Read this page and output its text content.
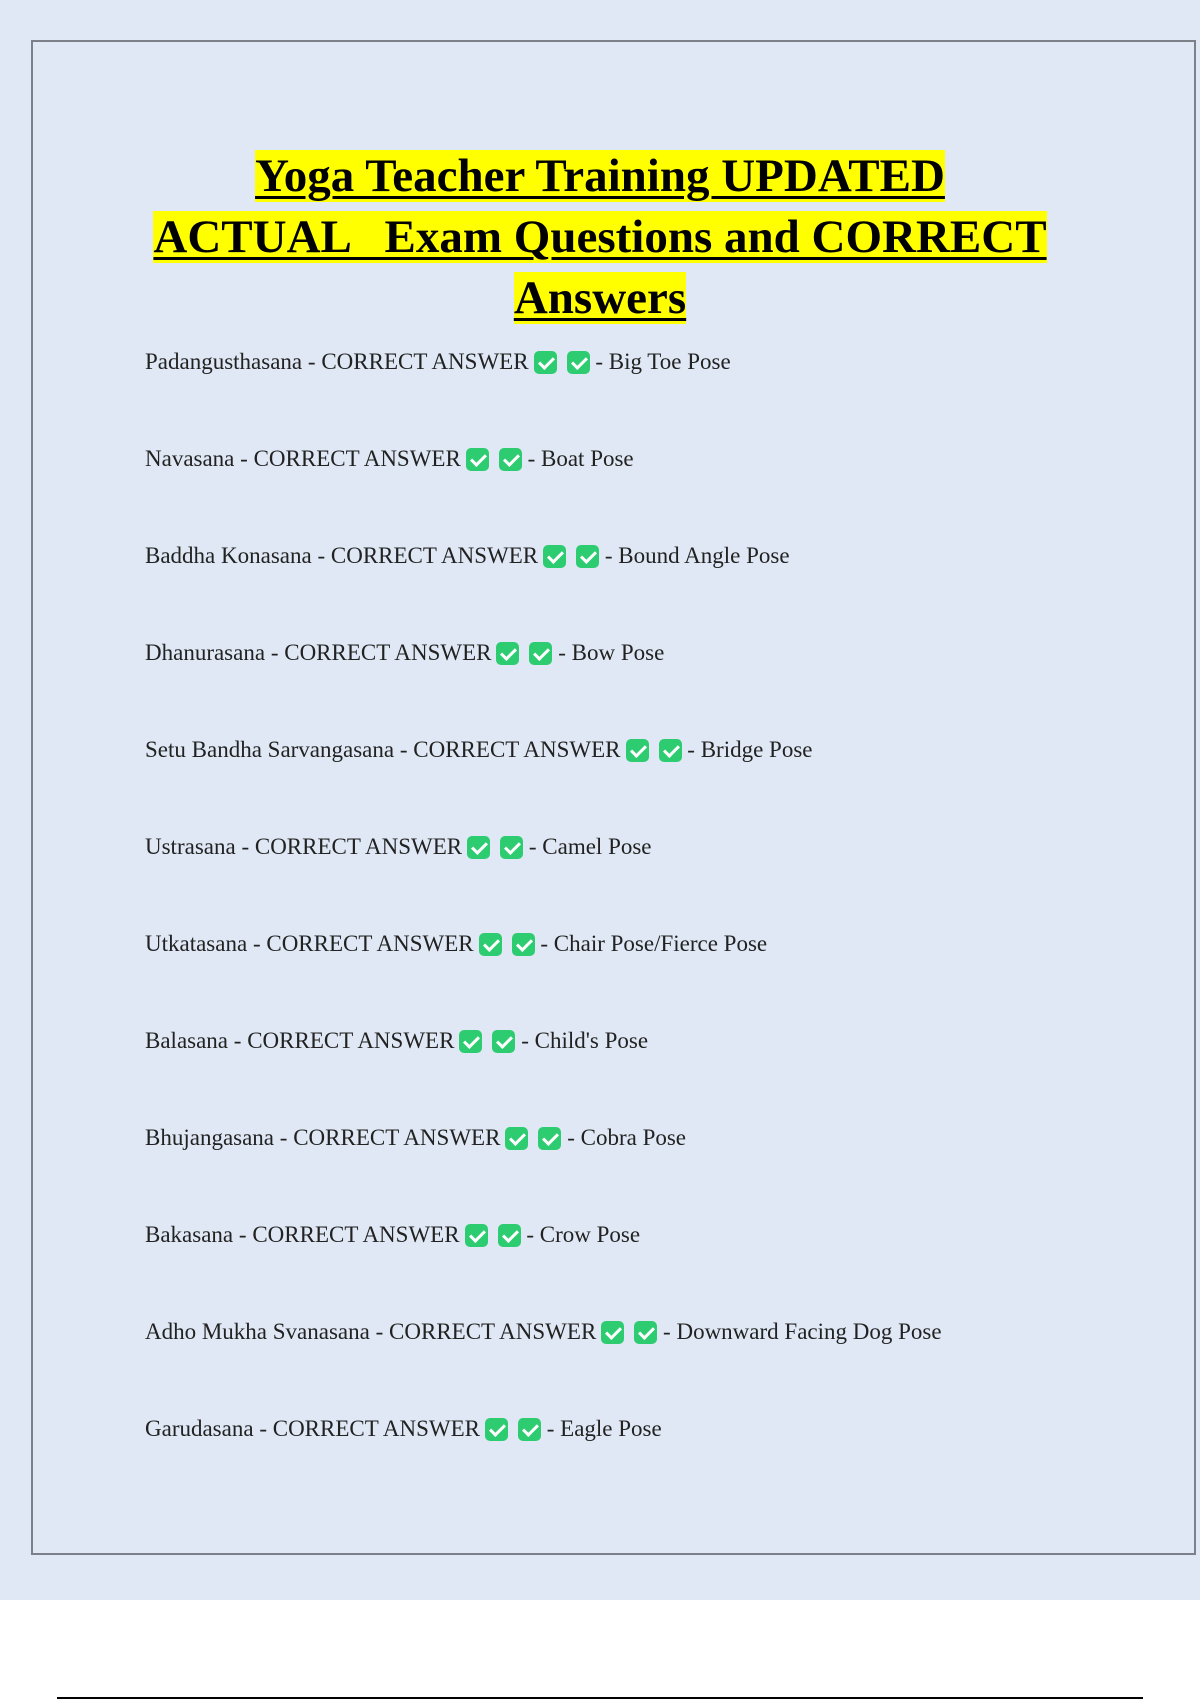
Yoga Teacher Training UPDATED
ACTUAL   Exam Questions and CORRECT
Answers
Padangusthasana - CORRECT ANSWER	- Big Toe Pose
Navasana - CORRECT ANSWER	- Boat Pose
Baddha Konasana - CORRECT ANSWER	- Bound Angle Pose
Dhanurasana - CORRECT ANSWER	- Bow Pose
Setu Bandha Sarvangasana - CORRECT ANSWER	- Bridge Pose
Ustrasana - CORRECT ANSWER	- Camel Pose
Utkatasana - CORRECT ANSWER	- Chair Pose/Fierce Pose
Balasana - CORRECT ANSWER	- Child's Pose
Bhujangasana - CORRECT ANSWER	- Cobra Pose
Bakasana - CORRECT ANSWER	- Crow Pose
Adho Mukha Svanasana - CORRECT ANSWER	- Downward Facing Dog Pose
Garudasana - CORRECT ANSWER	- Eagle Pose
